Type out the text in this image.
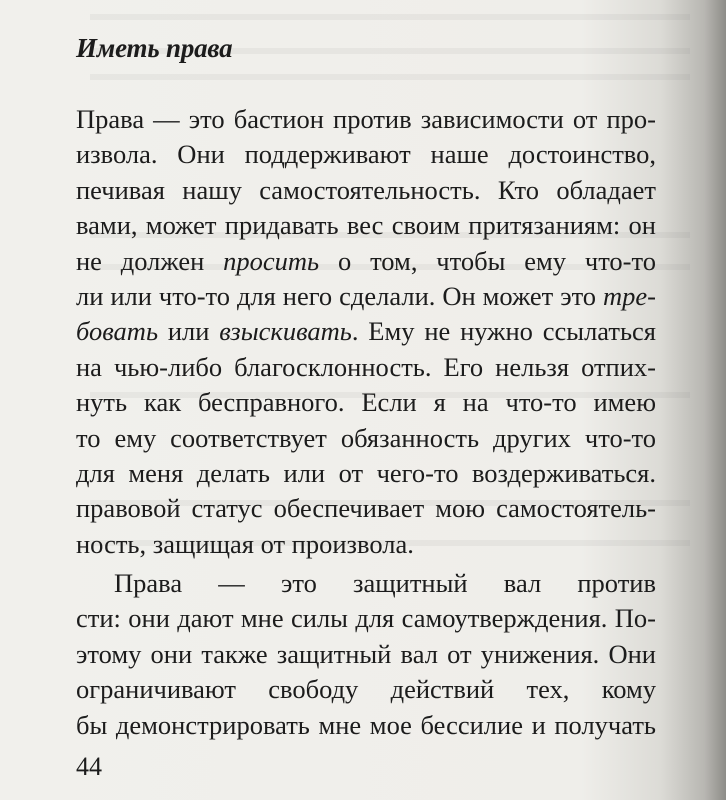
Иметь права
Права — это бастион против зависимости от про-
извола. Они поддерживают наше достоинство,
печивая нашу самостоятельность. Кто обладает
вами, может придавать вес своим притязаниям: он
не должен просить о том, чтобы ему что-то
ли или что-то для него сделали. Он может это тре-
бовать или взыскивать. Ему не нужно ссылаться
на чью-либо благосклонность. Его нельзя отпих-
нуть как бесправного. Если я на что-то имею
то ему соответствует обязанность других что-то
для меня делать или от чего-то воздерживаться.
правовой статус обеспечивает мою самостоятель-
ность, защищая от произвола.
Права — это защитный вал против
сти: они дают мне силы для самоутверждения. По-
этому они также защитный вал от унижения. Они
ограничивают свободу действий тех, кому
бы демонстрировать мне мое бессилие и получать
44
